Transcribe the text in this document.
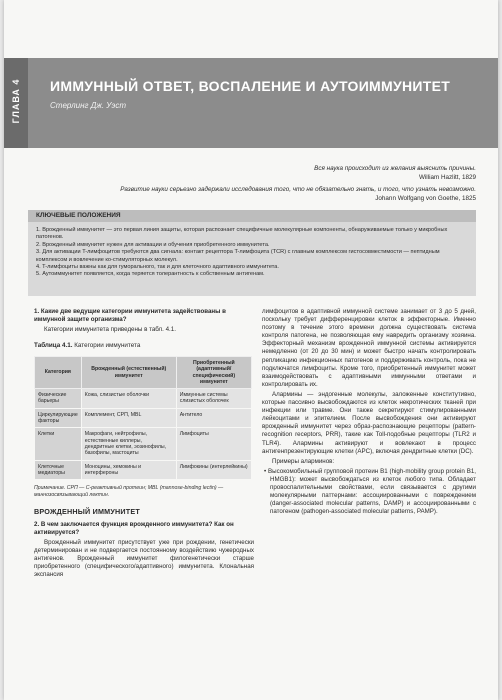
ГЛАВА 4 ИММУННЫЙ ОТВЕТ, ВОСПАЛЕНИЕ И АУТОИММУНИТЕТ
Стерлинг Дж. Уэст
Вся наука происходит из желания выяснить причины.
William Hazlitt, 1829
Развитие науки серьезно задержали исследования того, что не обязательно знать, и того, что узнать невозможно.
Johann Wolfgang von Goethe, 1825
КЛЮЧЕВЫЕ ПОЛОЖЕНИЯ
1. Врожденный иммунитет — это первая линия защиты, которая распознает специфичные молекулярные компоненты, обнаруживаемые только у микробных патогенов.
2. Врожденный иммунитет нужен для активации и обучения приобретенного иммунитета.
3. Для активации T-лимфоцитов требуются два сигнала: контакт рецептора T-лимфоцита (TCR) с главным комплексом гистосовместимости — пептидным комплексом и вовлечение ко-стимуляторных молекул.
4. T-лимфоциты важны как для гуморального, так и для клеточного адаптивного иммунитета.
5. Аутоиммунитет появляется, когда теряется толерантность к собственным антигенам.
1. Какие две ведущие категории иммунитета задействованы в иммунной защите организма?

Категории иммунитета приведены в табл. 4.1.

Таблица 4.1. Категории иммунитета
Категория	Врожденный (естественный) иммунитет	Приобретенный (адаптивный/специфический) иммунитет
Физические барьеры	Кожа, слизистые оболочки	Иммунные системы слизистых оболочек
Циркулирующие факторы	Комплемент, СРП, MBL	Антитело
Клетки	Макрофаги, нейтрофилы, естественные киллеры, дендритные клетки, эозинофилы, базофилы, мастоциты	Лимфоциты
Клеточные медиаторы	Моноцины, хемокины и интерфероны	Лимфокины (интерлейкины)
Примечание. СРП — С-реактивный протеин; MBL (mannose-binding lectin) — маннозосвязывающий лектин.
ВРОЖДЕННЫЙ ИММУНИТЕТ
2. В чем заключается функция врожденного иммунитета? Как он активируется?

Врожденный иммунитет присутствует уже при рождении, генетически детерминирован и не подвергается постоянному воздействию чужеродных антигенов. Врожденный иммунитет филогенетически старше приобретенного (специфического/адаптивного) иммунитета. Клональная экспансия

лимфоцитов в адаптивной иммунной системе занимает от 3 до 5 дней, поскольку требует дифференцировки клеток в эффекторные. Именно поэтому в течение этого времени должна существовать система контроля патогена, не позволяющая ему навредить организму хозяина. Эффекторный механизм врожденной иммунной системы активируется немедленно (от 20 до 30 мин) и может быстро начать контролировать репликацию инфекционных патогенов и поддерживать контроль, пока не подключатся лимфоциты. Кроме того, приобретенный иммунитет может взаимодействовать с адаптивными иммунными ответами и контролировать их.

Алармины — эндогенные молекулы, заложенные конститутивно, которые пассивно высвобождаются из клеток некротических тканей при инфекции или травме. Они также секретируют стимулированными лейкоцитами и эпителием. После высвобождения они активируют врожденный иммунитет через образ-распознающие рецепторы (pattern-recognition receptors, PRR), такие как Toll-подобные рецепторы (TLR2 и TLR4). Алармины активируют и вовлекают в процесс антигенпрезентирующие клетки (APC), включая дендритные клетки (DC).

Примеры аларминов:

• Высокомобильный групповой протеин B1 (high-mobility group protein B1, HMGB1): может высвобождаться из клеток любого типа. Обладает провоспалительными свойствами, если связывается с другими молекулярными паттернами: ассоциированными с повреждением (danger-associated molecular patterns, DAMP) и ассоциированными с патогеном (pathogen-associated molecular patterns, PAMP).
